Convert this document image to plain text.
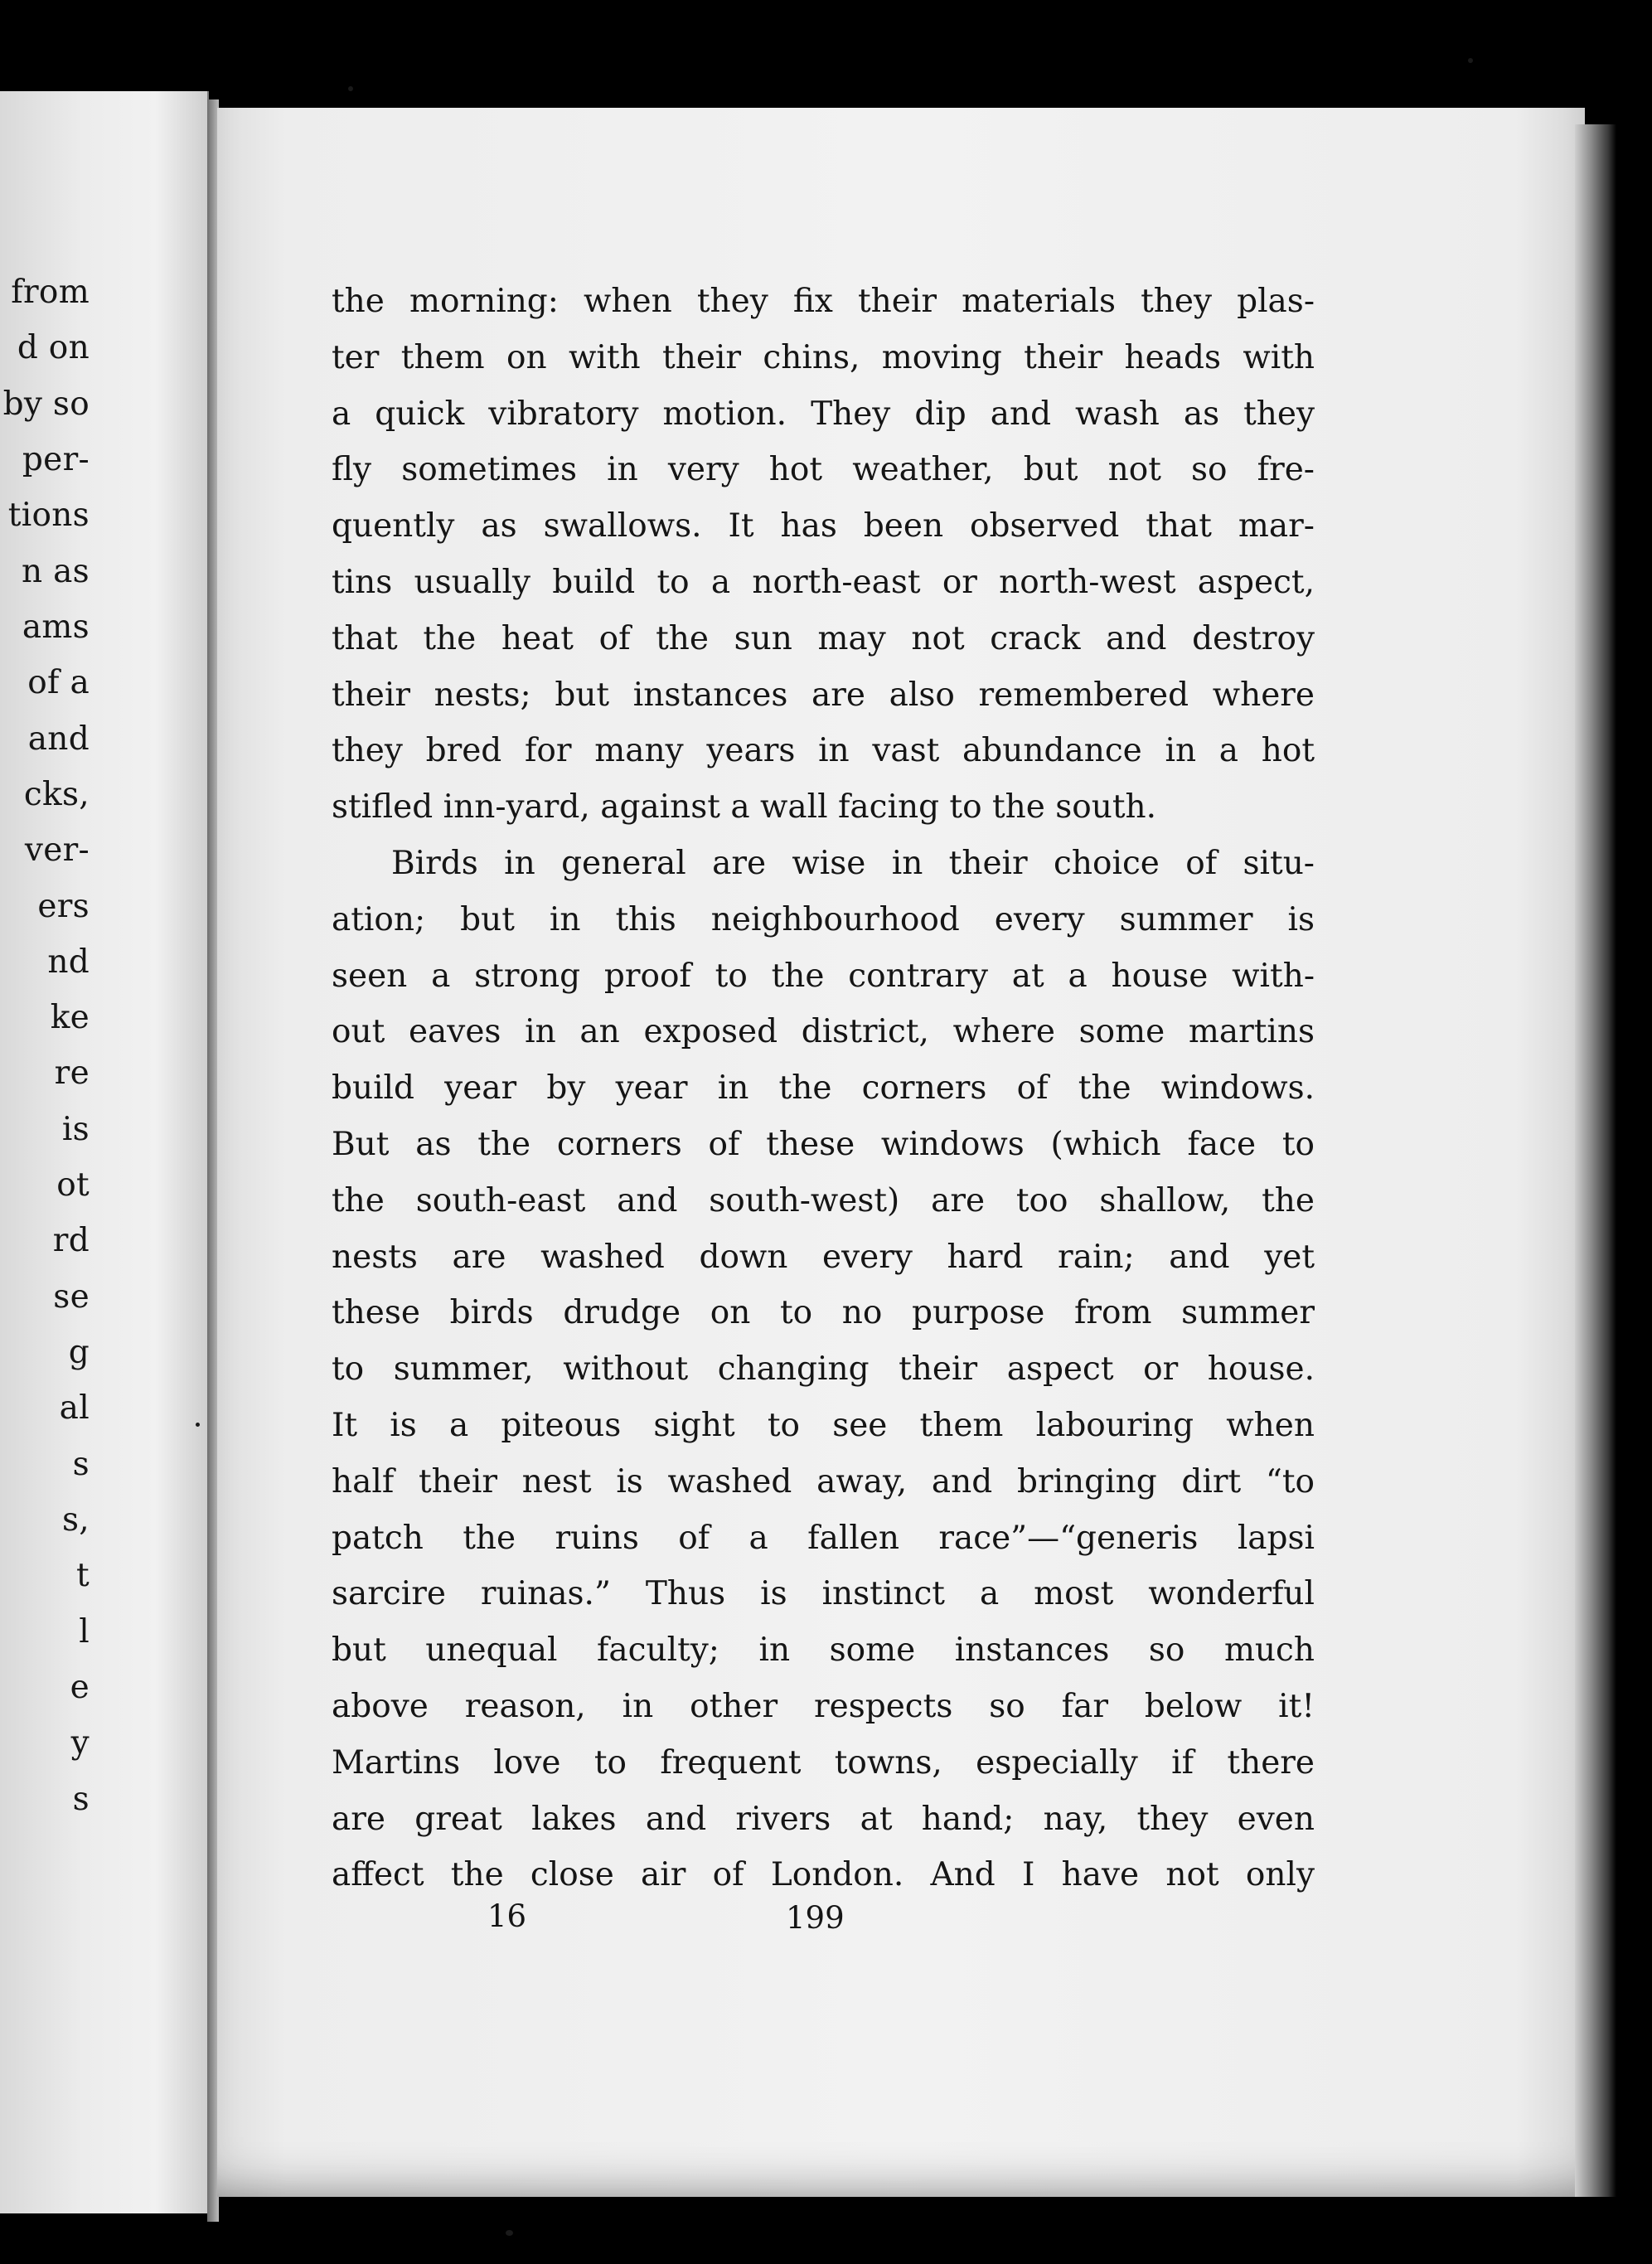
from

d on

by so

per-

tions

n as

ams

of a

and

cks,

ver-

ers

nd

ke

re

is

ot

rd

se

g

al

s

s,

t

l

e

y

s

the morning: when they fix their materials they plas-
ter them on with their chins, moving their heads with
a quick vibratory motion. They dip and wash as they
fly sometimes in very hot weather, but not so fre-
quently as swallows. It has been observed that mar-
tins usually build to a north-east or north-west aspect,
that the heat of the sun may not crack and destroy
their nests; but instances are also remembered where
they bred for many years in vast abundance in a hot
stifled inn-yard, against a wall facing to the south.
Birds in general are wise in their choice of situ-
ation; but in this neighbourhood every summer is
seen a strong proof to the contrary at a house with-
out eaves in an exposed district, where some martins
build year by year in the corners of the windows.
But as the corners of these windows (which face to
the south-east and south-west) are too shallow, the
nests are washed down every hard rain; and yet
these birds drudge on to no purpose from summer
to summer, without changing their aspect or house.
It is a piteous sight to see them labouring when
half their nest is washed away, and bringing dirt “to
patch the ruins of a fallen race”—“generis lapsi
sarcire ruinas.” Thus is instinct a most wonderful
but unequal faculty; in some instances so much
above reason, in other respects so far below it!
Martins love to frequent towns, especially if there
are great lakes and rivers at hand; nay, they even
affect the close air of London. And I have not only
16	199
